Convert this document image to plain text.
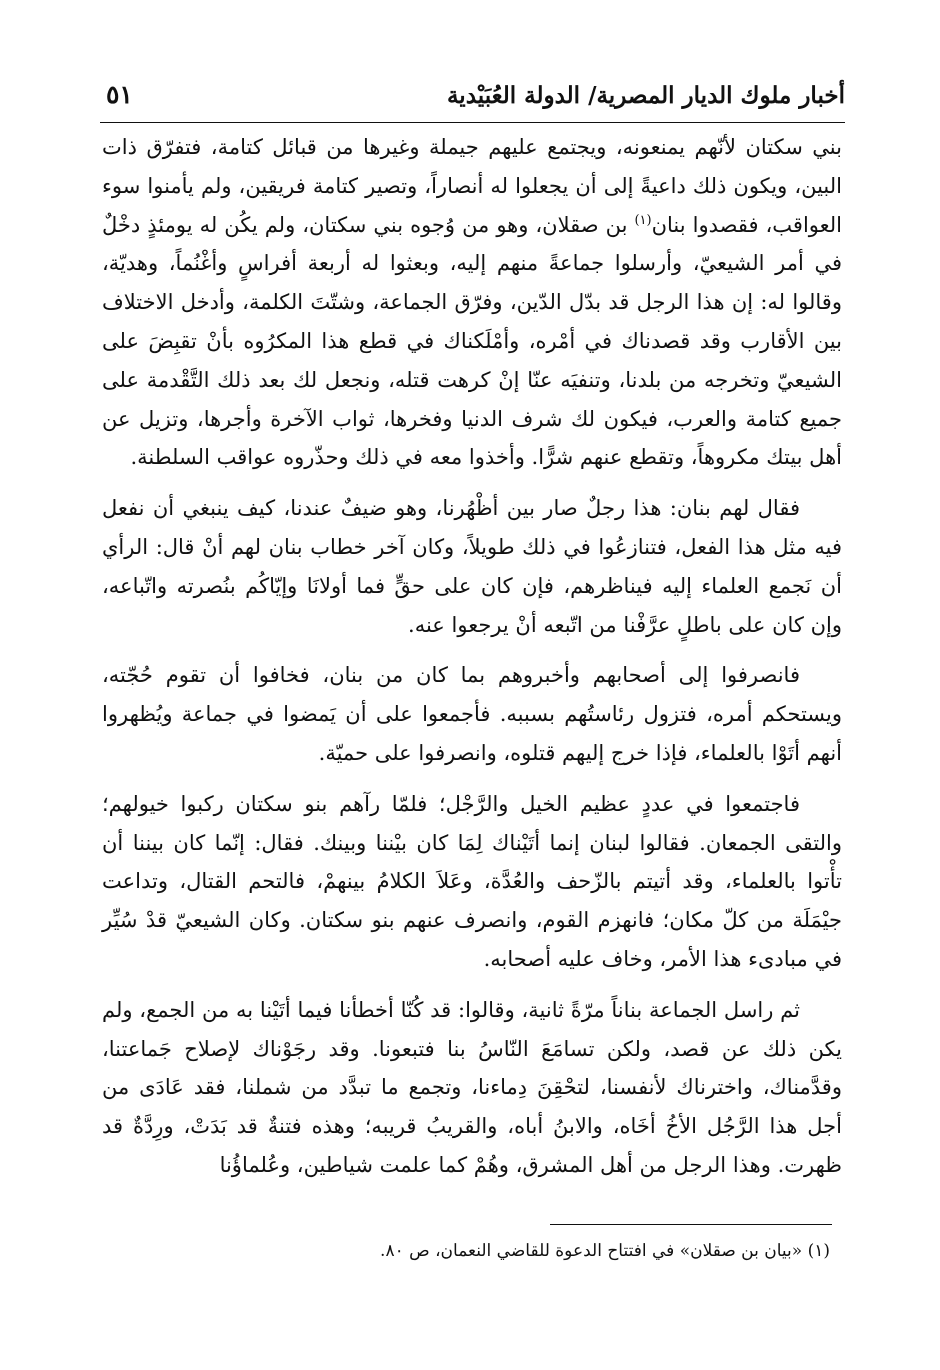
أخبار ملوك الديار المصرية/ الدولة العُبَيْدية
٥١

بني سكتان لأنّهم يمنعونه، ويجتمع عليهم جيملة وغيرها من قبائل كتامة، فتفرّق ذات البين، ويكون ذلك داعيةً إلى أن يجعلوا له أنصاراً، وتصير كتامة فريقين، ولم يأمنوا سوء العواقب، فقصدوا بنان$^{(١)}$ بن صقلان، وهو من وُجوه بني سكتان، ولم يكُن له يومئذٍ دخْلٌ في أمر الشيعيّ، وأرسلوا جماعةً منهم إليه، وبعثوا له أربعة أفراسٍ وأغْنُماً، وهديّة، وقالوا له: إن هذا الرجل قد بدّل الدّين، وفرّق الجماعة، وشتّتَ الكلمة، وأدخل الاختلاف بين الأقارب وقد قصدناك في أمْره، وأمْلَكناك في قطع هذا المكرُوه بأنْ تقبِضَ على الشيعيّ وتخرجه من بلدنا، وتنفيَه عنّا إنْ كرهت قتله، ونجعل لك بعد ذلك التَّقْدمة على جميع كتامة والعرب، فيكون لك شرف الدنيا وفخرها، ثواب الآخرة وأجرها، وتزيل عن أهل بيتك مكروهاً، وتقطع عنهم شرًّا. وأخذوا معه في ذلك وحذّروه عواقب السلطنة.

فقال لهم بنان: هذا رجلٌ صار بين أظْهُرنا، وهو ضيفٌ عندنا، كيف ينبغي أن نفعل فيه مثل هذا الفعل، فتنازعُوا في ذلك طويلاً، وكان آخر خطاب بنان لهم أنْ قال: الرأي أن نَجمع العلماء إليه فيناظرهم، فإن كان على حقٍّ فما أولانَا وإيّاكُم بنُصرته واتّباعه، وإن كان على باطلٍ عرَّفْنا من اتّبعه أنْ يرجعوا عنه.

فانصرفوا إلى أصحابهم وأخبروهم بما كان من بنان، فخافوا أن تقوم حُجّته، ويستحكم أمره، فتزول رئاستُهم بسببه. فأجمعوا على أن يَمضوا في جماعة ويُظهروا أنهم أتَوْا بالعلماء، فإذا خرج إليهم قتلوه، وانصرفوا على حميّة.

فاجتمعوا في عددٍ عظيم الخيل والرَّجْل؛ فلمّا رآهم بنو سكتان ركبوا خيولهم؛ والتقى الجمعان. فقالوا لبنان إنما أتَيْناك لِمَا كان بيْننا وبينك. فقال: إنّما كان بيننا أن تأْتوا بالعلماء، وقد أتيتم بالزّحف والعُدَّة، وعَلاَ الكلامُ بينهمْ، فالتحم القتال، وتداعت جيْمَلَة من كلّ مكان؛ فانهزم القوم، وانصرف عنهم بنو سكتان. وكان الشيعيّ قدْ سُيِّر في مبادىء هذا الأمر، وخاف عليه أصحابه.

ثم راسل الجماعة بناناً مرّةً ثانية، وقالوا: قد كُنّا أخطأنا فيما أتَيْنا به من الجمع، ولم يكن ذلك عن قصد، ولكن تسامَعَ النّاسُ بنا فتبعونا. وقد رجَوْناك لإصلاح جَماعتنا، وقدَّمناك، واخترناك لأنفسنا، لتحْقِنَ دِماءنا، وتجمع ما تبدَّد من شملنا، فقد عَادَى من أجل هذا الرَّجُل الأخُ أخَاه، والابنُ أباه، والقريبُ قريبه؛ وهذه فتنةٌ قد بَدَتْ، ورِدَّةٌ قد ظهرت. وهذا الرجل من أهل المشرق، وهُمْ كما علمت شياطين، وعُلماؤُنا

(١) «بيان بن صقلان» في افتتاح الدعوة للقاضي النعمان، ص ٨٠.
